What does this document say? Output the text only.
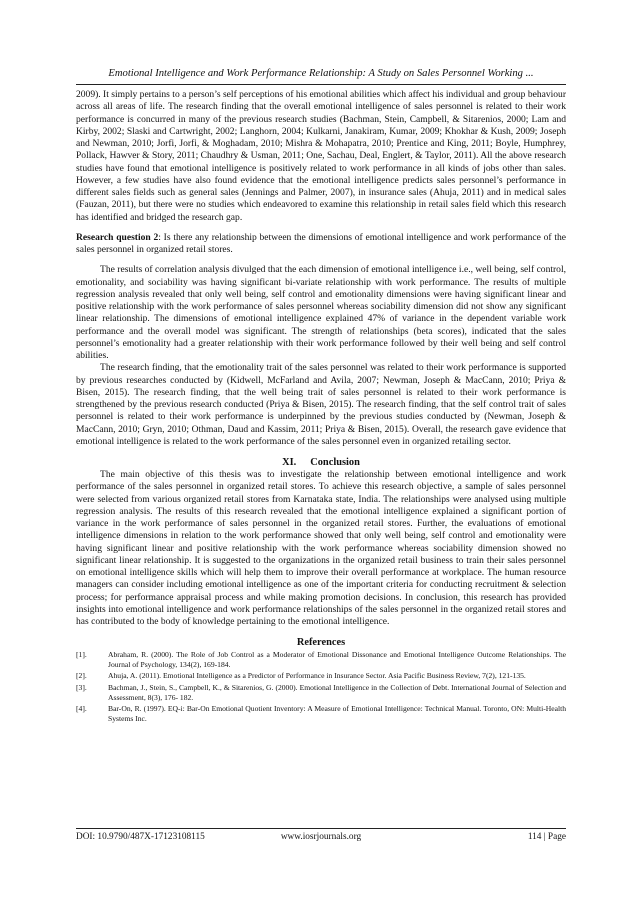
Emotional Intelligence and Work Performance Relationship: A Study on Sales Personnel Working ...

2009). It simply pertains to a person’s self perceptions of his emotional abilities which affect his individual and group behaviour across all areas of life. The research finding that the overall emotional intelligence of sales personnel is related to their work performance is concurred in many of the previous research studies (Bachman, Stein, Campbell, & Sitarenios, 2000; Lam and Kirby, 2002; Slaski and Cartwright, 2002; Langhorn, 2004; Kulkarni, Janakiram, Kumar, 2009; Khokhar & Kush, 2009; Joseph and Newman, 2010; Jorfi, Jorfi, & Moghadam, 2010; Mishra & Mohapatra, 2010; Prentice and King, 2011; Boyle, Humphrey, Pollack, Hawver & Story, 2011; Chaudhry & Usman, 2011; One, Sachau, Deal, Englert, & Taylor, 2011). All the above research studies have found that emotional intelligence is positively related to work performance in all kinds of jobs other than sales. However, a few studies have also found evidence that the emotional intelligence predicts sales personnel’s performance in different sales fields such as general sales (Jennings and Palmer, 2007), in insurance sales (Ahuja, 2011) and in medical sales (Fauzan, 2011), but there were no studies which endeavored to examine this relationship in retail sales field which this research has identified and bridged the research gap.

Research question 2: Is there any relationship between the dimensions of emotional intelligence and work performance of the sales personnel in organized retail stores.

The results of correlation analysis divulged that the each dimension of emotional intelligence i.e., well being, self control, emotionality, and sociability was having significant bi-variate relationship with work performance. The results of multiple regression analysis revealed that only well being, self control and emotionality dimensions were having significant linear and positive relationship with the work performance of sales personnel whereas sociability dimension did not show any significant linear relationship. The dimensions of emotional intelligence explained 47% of variance in the dependent variable work performance and the overall model was significant. The strength of relationships (beta scores), indicated that the sales personnel’s emotionality had a greater relationship with their work performance followed by their well being and self control abilities.

The research finding, that the emotionality trait of the sales personnel was related to their work performance is supported by previous researches conducted by (Kidwell, McFarland and Avila, 2007; Newman, Joseph & MacCann, 2010; Priya & Bisen, 2015). The research finding, that the well being trait of sales personnel is related to their work performance is strengthened by the previous research conducted (Priya & Bisen, 2015). The research finding, that the self control trait of sales personnel is related to their work performance is underpinned by the previous studies conducted by (Newman, Joseph & MacCann, 2010; Gryn, 2010; Othman, Daud and Kassim, 2011; Priya & Bisen, 2015). Overall, the research gave evidence that emotional intelligence is related to the work performance of the sales personnel even in organized retailing sector.

XI. Conclusion

The main objective of this thesis was to investigate the relationship between emotional intelligence and work performance of the sales personnel in organized retail stores. To achieve this research objective, a sample of sales personnel were selected from various organized retail stores from Karnataka state, India. The relationships were analysed using multiple regression analysis. The results of this research revealed that the emotional intelligence explained a significant portion of variance in the work performance of sales personnel in the organized retail stores. Further, the evaluations of emotional intelligence dimensions in relation to the work performance showed that only well being, self control and emotionality were having significant linear and positive relationship with the work performance whereas sociability dimension showed no significant linear relationship. It is suggested to the organizations in the organized retail business to train their sales personnel on emotional intelligence skills which will help them to improve their overall performance at workplace. The human resource managers can consider including emotional intelligence as one of the important criteria for conducting recruitment & selection process; for performance appraisal process and while making promotion decisions. In conclusion, this research has provided insights into emotional intelligence and work performance relationships of the sales personnel in the organized retail stores and has contributed to the body of knowledge pertaining to the emotional intelligence.

References
[1].	Abraham, R. (2000). The Role of Job Control as a Moderator of Emotional Dissonance and Emotional Intelligence Outcome Relationships. The Journal of Psychology, 134(2), 169-184.
[2].	Ahuja, A. (2011). Emotional Intelligence as a Predictor of Performance in Insurance Sector. Asia Pacific Business Review, 7(2), 121-135.
[3].	Bachman, J., Stein, S., Campbell, K., & Sitarenios, G. (2000). Emotional Intelligence in the Collection of Debt. International Journal of Selection and Assessment, 8(3), 176- 182.
[4].	Bar-On, R. (1997). EQ-i: Bar-On Emotional Quotient Inventory: A Measure of Emotional Intelligence: Technical Manual. Toronto, ON: Multi-Health Systems Inc.
DOI: 10.9790/487X-17123108115	www.iosrjournals.org	114 | Page
